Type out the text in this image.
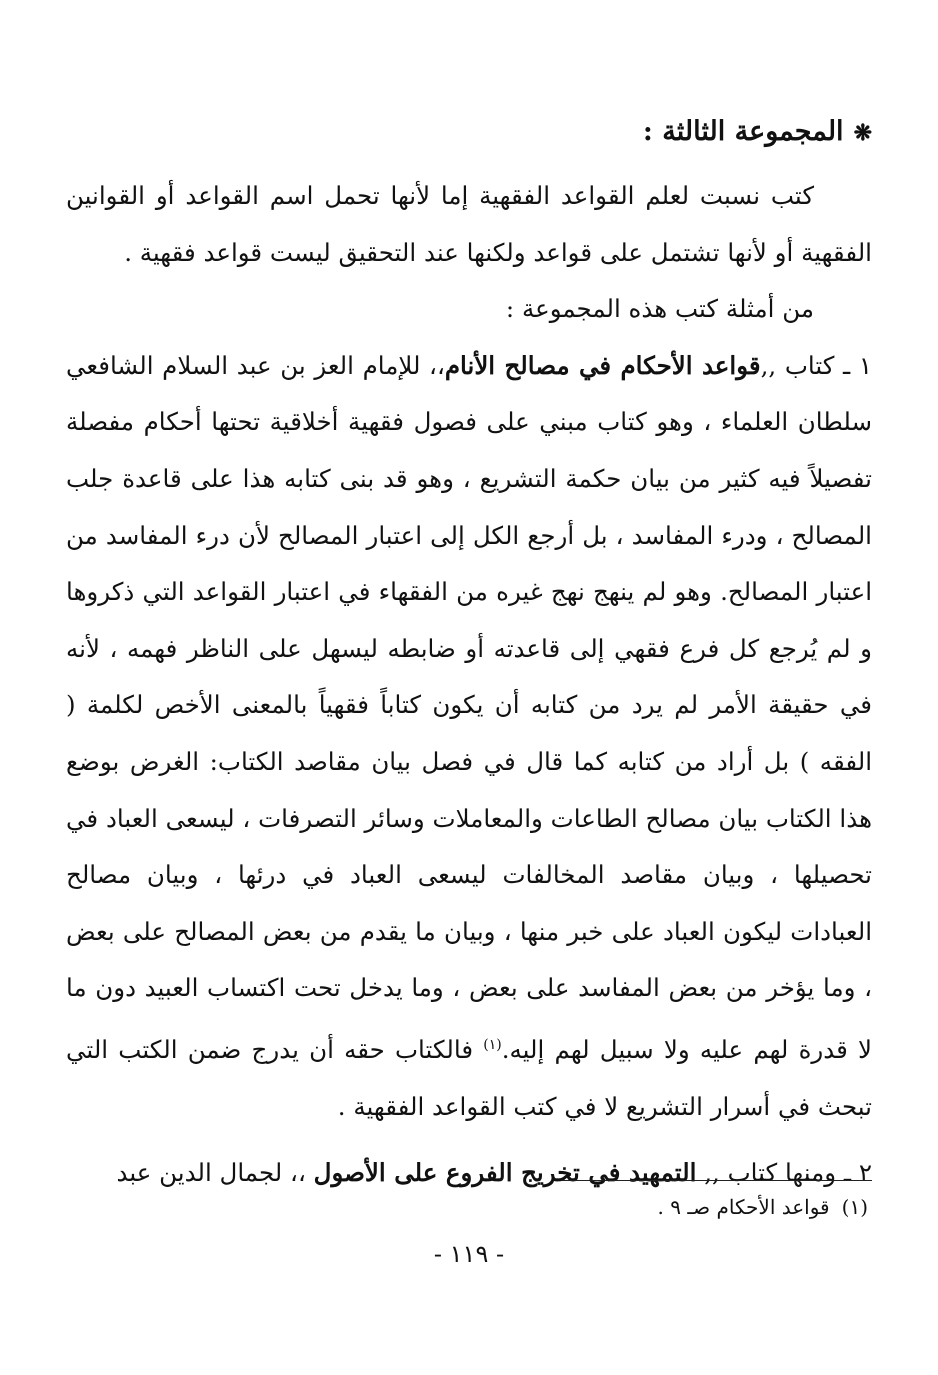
❋المجموعة الثالثة :

كتب نسبت لعلم القواعد الفقهية إما لأنها تحمل اسم القواعد أو القوانين الفقهية أو لأنها تشتمل على قواعد ولكنها عند التحقيق ليست قواعد فقهية .

من أمثلة كتب هذه المجموعة :

١ ـ كتاب ,,قواعد الأحكام في مصالح الأنام،، للإمام العز بن عبد السلام الشافعي سلطان العلماء ، وهو كتاب مبني على فصول فقهية أخلاقية تحتها أحكام مفصلة تفصيلاً فيه كثير من بيان حكمة التشريع ، وهو قد بنى كتابه هذا على قاعدة جلب المصالح ، ودرء المفاسد ، بل أرجع الكل إلى اعتبار المصالح لأن درء المفاسد من اعتبار المصالح. وهو لم ينهج نهج غيره من الفقهاء في اعتبار القواعد التي ذكروها و لم يُرجع كل فرع فقهي إلى قاعدته أو ضابطه ليسهل على الناظر فهمه ، لأنه في حقيقة الأمر لم يرد من كتابه أن يكون كتاباً فقهياً بالمعنى الأخص لكلمة ( الفقه ) بل أراد من كتابه كما قال في فصل بيان مقاصد الكتاب: الغرض بوضع هذا الكتاب بيان مصالح الطاعات والمعاملات وسائر التصرفات ، ليسعى العباد في تحصيلها ، وبيان مقاصد المخالفات ليسعى العباد في درئها ، وبيان مصالح العبادات ليكون العباد على خبر منها ، وبيان ما يقدم من بعض المصالح على بعض ، وما يؤخر من بعض المفاسد على بعض ، وما يدخل تحت اكتساب العبيد دون ما لا قدرة لهم عليه ولا سبيل لهم إليه.$^{(١)}$ فالكتاب حقه أن يدرج ضمن الكتب التي تبحث في أسرار التشريع لا في كتب القواعد الفقهية .

٢ ـ ومنها كتاب ,, التمهيد في تخريج الفروع على الأصول ،، لجمال الدين عبد

(١)قواعد الأحكام صـ ٩ .
- ١١٩ -
